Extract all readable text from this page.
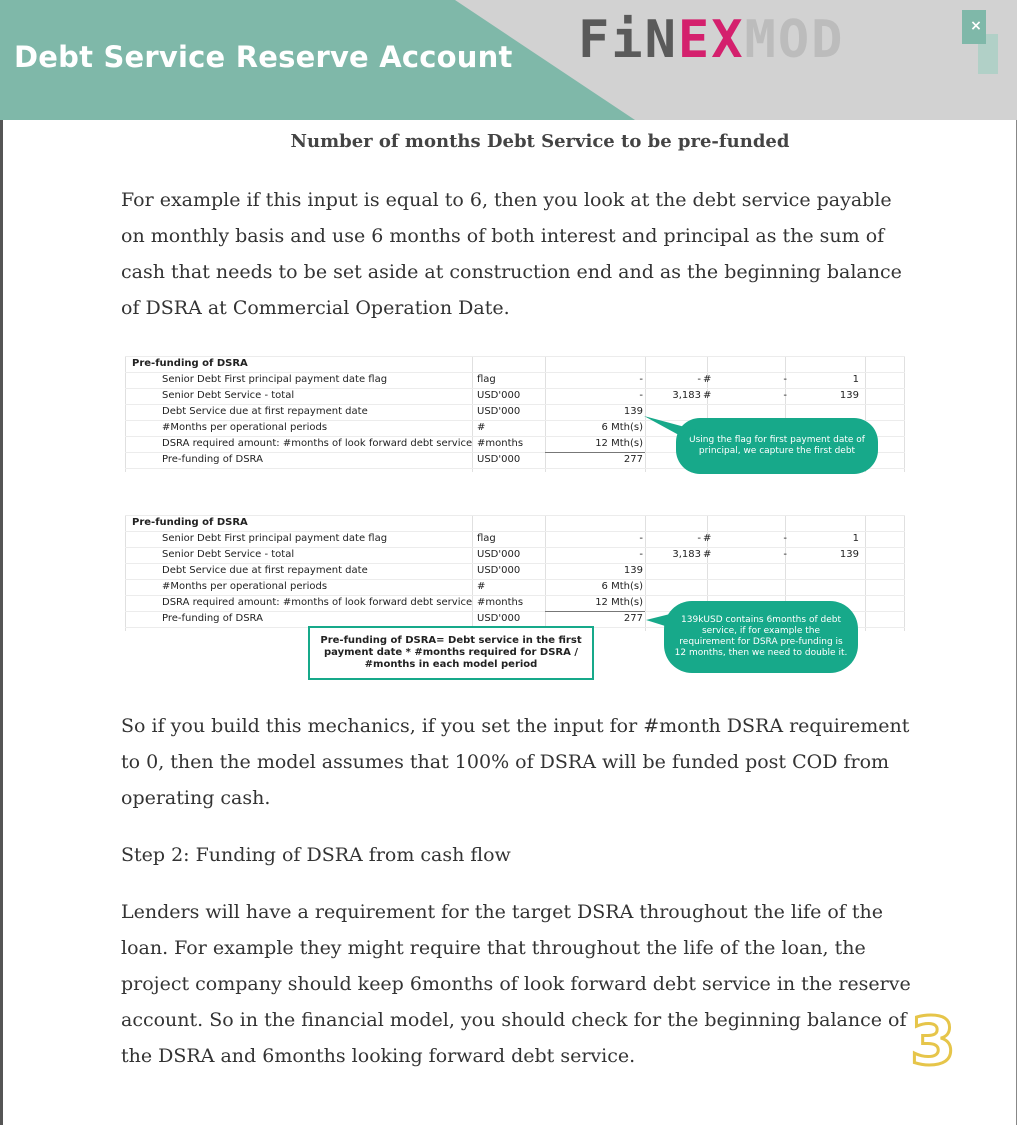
Debt Service Reserve Account FiN EX MOD	×
Number of months Debt Service to be pre-funded

For example if this input is equal to 6, then you look at the debt service payable on monthly basis and use 6 months of both interest and principal as the sum of cash that needs to be set aside at construction end and as the beginning balance of DSRA at Commercial Operation Date.

Pre-funding of DSRA
Senior Debt First principal payment date flag	flag	-	- #	-	1
Senior Debt Service - total	USD'000	-	3,183 #	-	139
Debt Service due at first repayment date	USD'000	139
#Months per operational periods	#	6 Mth(s)
DSRA required amount: #months of look forward debt service #months	12 Mth(s)
Pre-funding of DSRA	USD'000	277
Using the flag for first payment date of principal, we capture the first debt
Pre-funding of DSRA
Senior Debt First principal payment date flag	flag	-	- #	-	1
Senior Debt Service - total	USD'000	-	3,183 #	-	139
Debt Service due at first repayment date	USD'000	139
#Months per operational periods	#	6 Mth(s)
DSRA required amount: #months of look forward debt service #months	12 Mth(s)
Pre-funding of DSRA	USD'000	277
Pre-funding of DSRA= Debt service in the first payment date * #months required for DSRA / #months in each model period
139kUSD contains 6months of debt service, if for example the requirement for DSRA pre-funding is 12 months, then we need to double it.

So if you build this mechanics, if you set the input for #month DSRA requirement to 0, then the model assumes that 100% of DSRA will be funded post COD from operating cash.

Step 2: Funding of DSRA from cash flow

Lenders will have a requirement for the target DSRA throughout the life of the loan. For example they might require that throughout the life of the loan, the project company should keep 6months of look forward debt service in the reserve account. So in the financial model, you should check for the beginning balance of the DSRA and 6months looking forward debt service.	3
